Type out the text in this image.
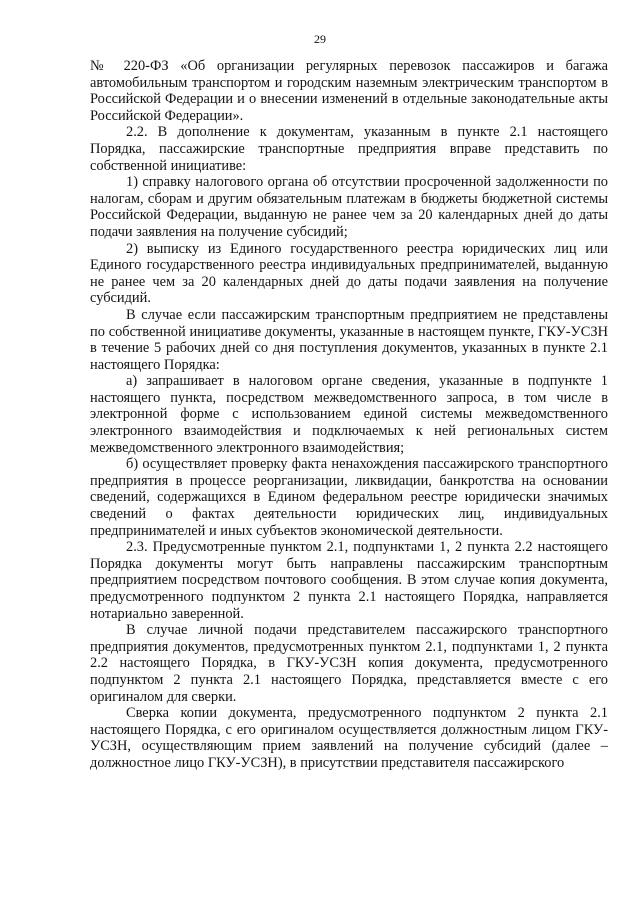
29

№ 220-ФЗ «Об организации регулярных перевозок пассажиров и багажа автомобильным транспортом и городским наземным электрическим транспортом в Российской Федерации и о внесении изменений в отдельные законодательные акты Российской Федерации».

2.2. В дополнение к документам, указанным в пункте 2.1 настоящего Порядка, пассажирские транспортные предприятия вправе представить по собственной инициативе:

1) справку налогового органа об отсутствии просроченной задолженности по налогам, сборам и другим обязательным платежам в бюджеты бюджетной системы Российской Федерации, выданную не ранее чем за 20 календарных дней до даты подачи заявления на получение субсидий;

2) выписку из Единого государственного реестра юридических лиц или Единого государственного реестра индивидуальных предпринимателей, выданную не ранее чем за 20 календарных дней до даты подачи заявления на получение субсидий.

В случае если пассажирским транспортным предприятием не представлены по собственной инициативе документы, указанные в настоящем пункте, ГКУ-УСЗН в течение 5 рабочих дней со дня поступления документов, указанных в пункте 2.1 настоящего Порядка:

а) запрашивает в налоговом органе сведения, указанные в подпункте 1 настоящего пункта, посредством межведомственного запроса, в том числе в электронной форме с использованием единой системы межведомственного электронного взаимодействия и подключаемых к ней региональных систем межведомственного электронного взаимодействия;

б) осуществляет проверку факта ненахождения пассажирского транспортного предприятия в процессе реорганизации, ликвидации, банкротства на основании сведений, содержащихся в Едином федеральном реестре юридически значимых сведений о фактах деятельности юридических лиц, индивидуальных предпринимателей и иных субъектов экономической деятельности.

2.3. Предусмотренные пунктом 2.1, подпунктами 1, 2 пункта 2.2 настоящего Порядка документы могут быть направлены пассажирским транспортным предприятием посредством почтового сообщения. В этом случае копия документа, предусмотренного подпунктом 2 пункта 2.1 настоящего Порядка, направляется нотариально заверенной.

В случае личной подачи представителем пассажирского транспортного предприятия документов, предусмотренных пунктом 2.1, подпунктами 1, 2 пункта 2.2 настоящего Порядка, в ГКУ-УСЗН копия документа, предусмотренного подпунктом 2 пункта 2.1 настоящего Порядка, представляется вместе с его оригиналом для сверки.

Сверка копии документа, предусмотренного подпунктом 2 пункта 2.1 настоящего Порядка, с его оригиналом осуществляется должностным лицом ГКУ-УСЗН, осуществляющим прием заявлений на получение субсидий (далее – должностное лицо ГКУ-УСЗН), в присутствии представителя пассажирского
